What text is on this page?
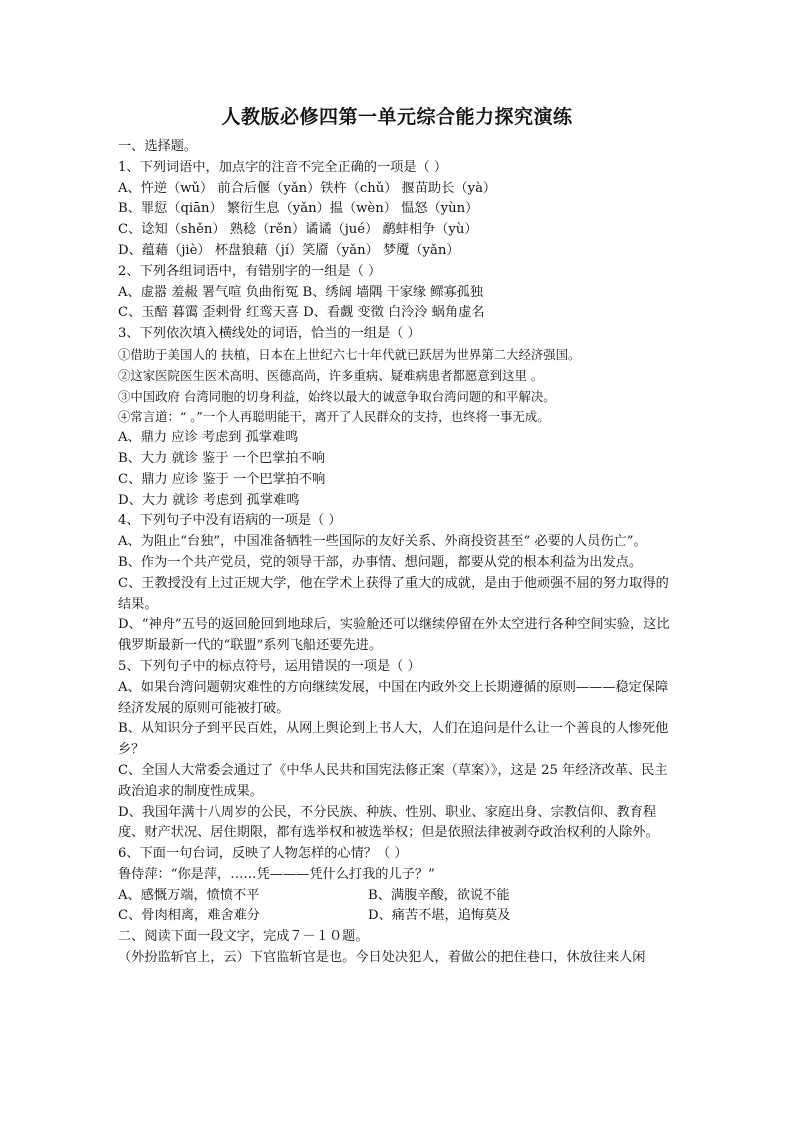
人教版必修四第一单元综合能力探究演练
一、选择题。
1、下列词语中，加点字的注音不完全正确的一项是（ ）
A、忤逆（wǔ） 前合后偃（yǎn）铁杵（chǔ） 揠苗助长（yà）
B、罪愆（qiān） 繁衍生息（yǎn）揾（wèn） 愠怒（yùn）
C、谂知（shěn） 熟稔（rěn）谲谲（jué） 鹬蚌相争（yù）
D、蕴藉（jiè） 杯盘狼藉（jí）笑靥（yǎn） 梦魇（yǎn）
2、下列各组词语中，有错别字的一组是（ ）
A、虚嚣 羞赧 署气喧 负曲衔冤 B、绣阔 墙隅 干家缘 鳏寡孤独
C、玉醅 暮霭 歪剌骨 红鸾天喜 D、看觑 变徵 白泠泠 蜗角虚名
3、下列依次填入横线处的词语，恰当的一组是（ ）
①借助于美国人的 扶植，日本在上世纪六七十年代就已跃居为世界第二大经济强国。
②这家医院医生医术高明、医德高尚，许多重病、疑难病患者都愿意到这里 。
③中国政府 台湾同胞的切身利益，始终以最大的诚意争取台湾问题的和平解决。
④常言道：“ 。”一个人再聪明能干，离开了人民群众的支持，也终将一事无成。
A、鼎力 应诊 考虑到 孤掌难鸣
B、大力 就诊 鉴于 一个巴掌拍不响
C、鼎力 应诊 鉴于 一个巴掌拍不响
D、大力 就诊 考虑到 孤掌难鸣
4、下列句子中没有语病的一项是（ ）
A、为阻止“台独”，中国准备牺牲一些国际的友好关系、外商投资甚至“ 必要的人员伤亡”。
B、作为一个共产党员，党的领导干部，办事情、想问题，都要从党的根本利益为出发点。
C、王教授没有上过正规大学，他在学术上获得了重大的成就，是由于他顽强不屈的努力取得的结果。
D、“神舟”五号的返回舱回到地球后，实验舱还可以继续停留在外太空进行各种空间实验，这比俄罗斯最新一代的“联盟”系列飞船还要先进。
5、下列句子中的标点符号，运用错误的一项是（ ）
A、如果台湾问题朝灾难性的方向继续发展，中国在内政外交上长期遵循的原则———稳定保障经济发展的原则可能被打破。
B、从知识分子到平民百姓，从网上舆论到上书人大，人们在追问是什么让一个善良的人惨死他乡？
C、全国人大常委会通过了《中华人民共和国宪法修正案（草案）》，这是 25 年经济改革、民主政治追求的制度性成果。
D、我国年满十八周岁的公民，不分民族、种族、性别、职业、家庭出身、宗教信仰、教育程度、财产状况、居住期限，都有选举权和被选举权；但是依照法律被剥夺政治权利的人除外。
6、下面一句台词，反映了人物怎样的心情？（ ）
鲁侍萍：“你是萍，……凭———凭什么打我的儿子？”
A、感慨万端，愤愤不平	B、满腹辛酸，欲说不能
C、骨肉相离，难舍难分	D、痛苦不堪，追悔莫及
二、阅读下面一段文字，完成７－１０题。
（外扮监斩官上，云）下官监斩官是也。今日处决犯人，着做公的把住巷口，休放往来人闲
